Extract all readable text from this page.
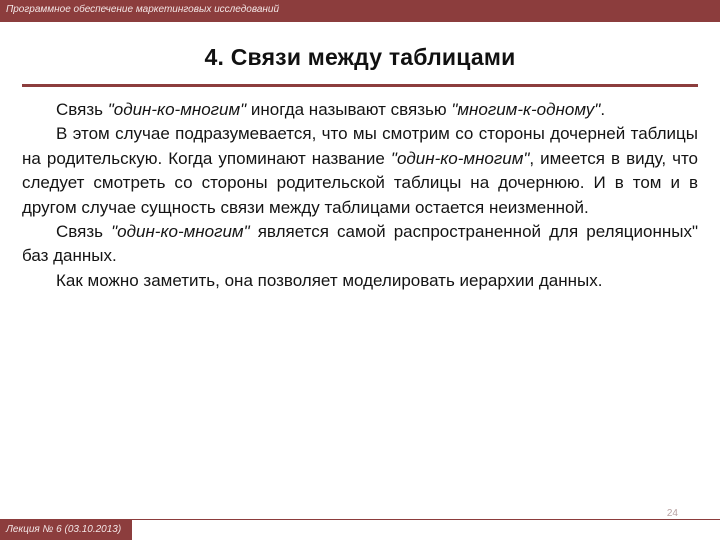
Программное обеспечение маркетинговых исследований
4. Связи между таблицами

Связь "один-ко-многим" иногда называют связью "многим-к-одному".

В этом случае подразумевается, что мы смотрим со стороны дочерней таблицы на родительскую. Когда упоминают название "один-ко-многим", имеется в виду, что следует смотреть со стороны родительской таблицы на дочернюю. И в том и в другом случае сущность связи между таблицами остается неизменной.

Связь "один-ко-многим" является самой распространенной для реляционных" баз данных.

Как можно заметить, она позволяет моделировать иерархии данных.

24
Лекция № 6 (03.10.2013)
